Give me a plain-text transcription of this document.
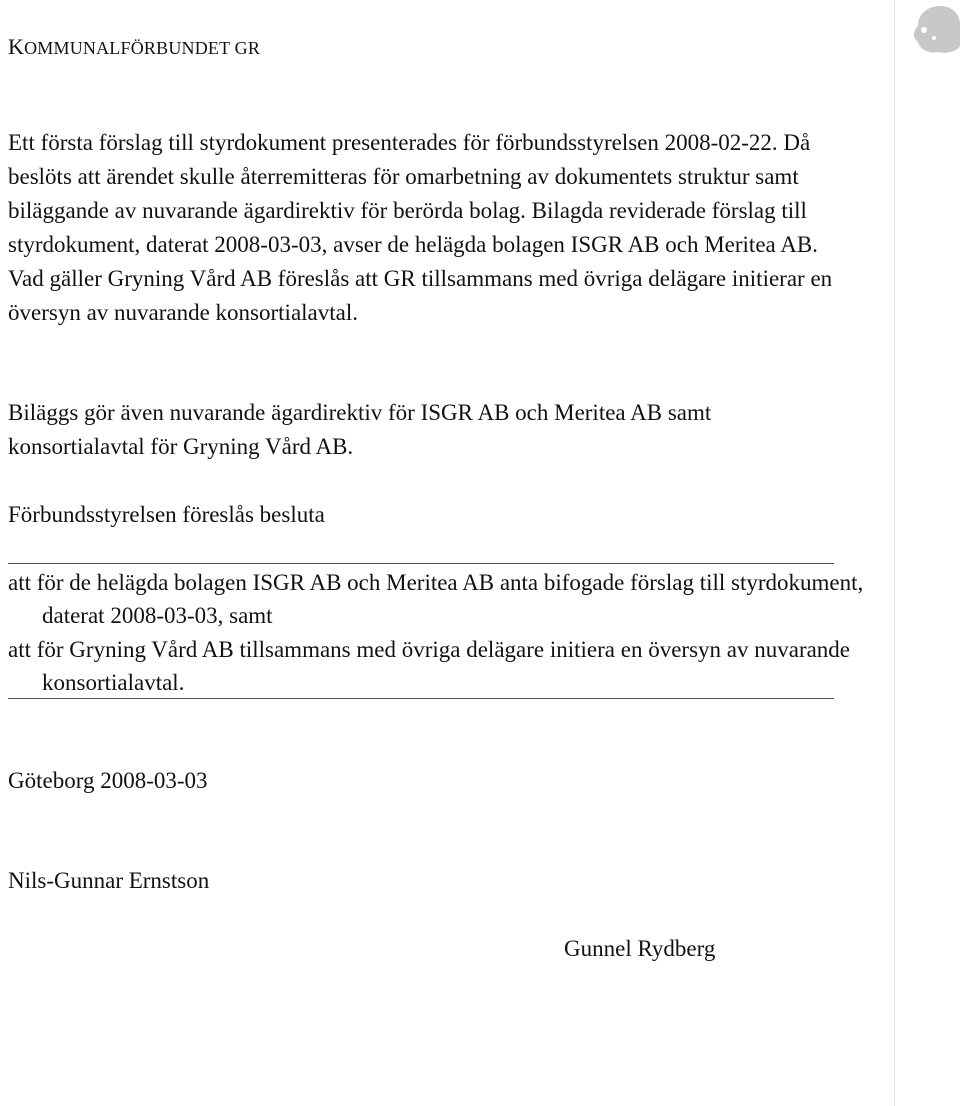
KOMMUNALFÖRBUNDET GR
Ett första förslag till styrdokument presenterades för förbundsstyrelsen 2008-02-22. Då beslöts att ärendet skulle återremitteras för omarbetning av dokumentets struktur samt biläggande av nuvarande ägardirektiv för berörda bolag. Bilagda reviderade förslag till styrdokument, daterat 2008-03-03, avser de helägda bolagen ISGR AB och Meritea AB. Vad gäller Gryning Vård AB föreslås att GR tillsammans med övriga delägare initierar en översyn av nuvarande konsortialavtal.
Biläggs gör även nuvarande ägardirektiv för ISGR AB och Meritea AB samt konsortialavtal för Gryning Vård AB.
Förbundsstyrelsen föreslås besluta
att för de helägda bolagen ISGR AB och Meritea AB anta bifogade förslag till styrdokument, daterat 2008-03-03, samt
att för Gryning Vård AB tillsammans med övriga delägare initiera en översyn av nuvarande konsortialavtal.
Göteborg 2008-03-03
Nils-Gunnar Ernstson
Gunnel Rydberg
